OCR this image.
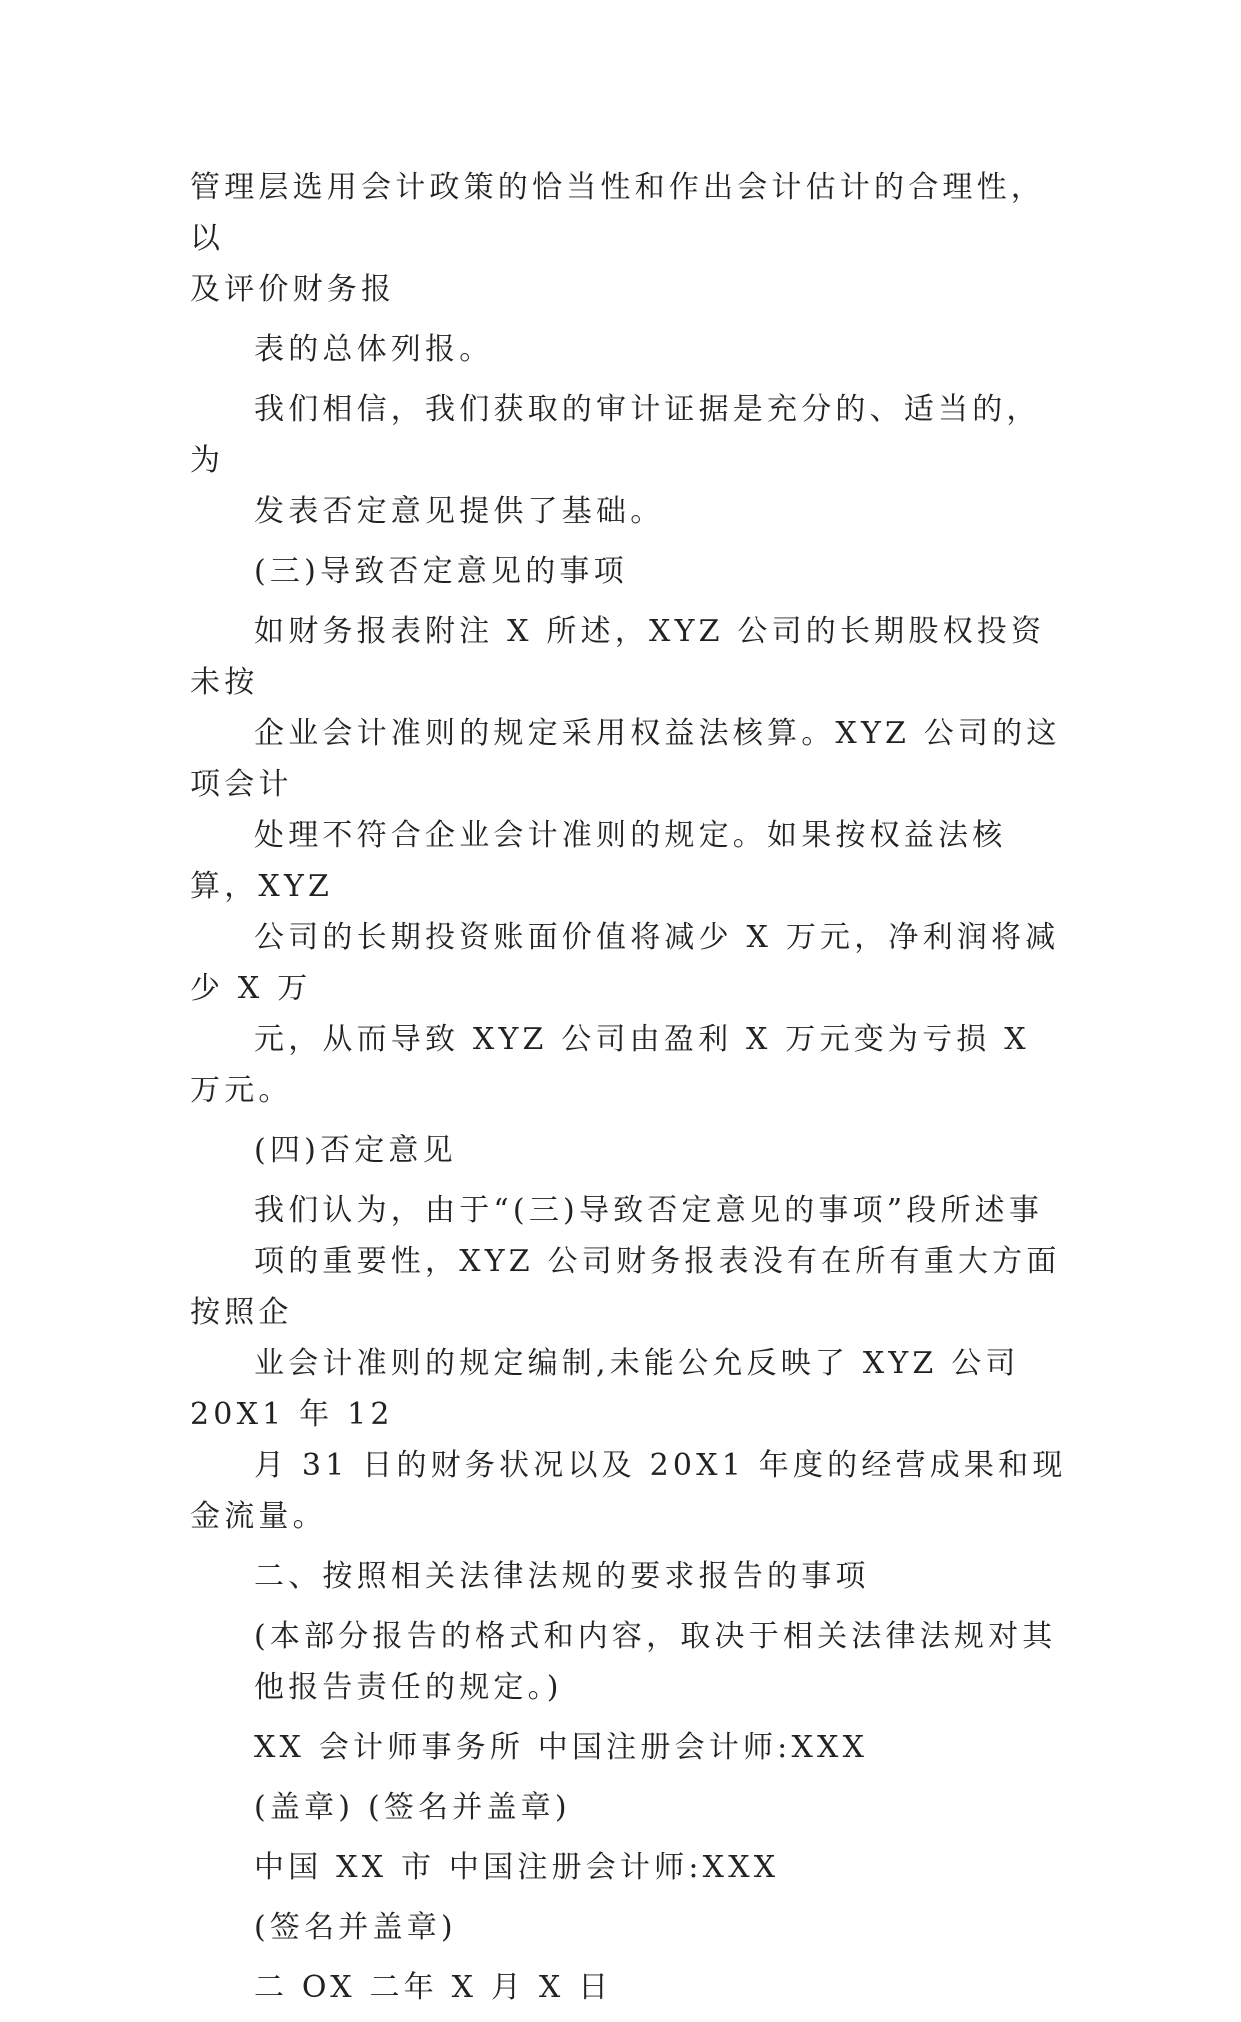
管理层选用会计政策的恰当性和作出会计估计的合理性，以
及评价财务报

表的总体列报。

我们相信，我们获取的审计证据是充分的、适当的，为
发表否定意见提供了基础。

(三)导致否定意见的事项

如财务报表附注 X 所述，XYZ 公司的长期股权投资未按
企业会计准则的规定采用权益法核算。XYZ 公司的这项会计
处理不符合企业会计准则的规定。如果按权益法核算，XYZ
公司的长期投资账面价值将减少 X 万元，净利润将减少 X 万
元，从而导致 XYZ 公司由盈利 X 万元变为亏损 X 万元。

(四)否定意见

我们认为，由于“(三)导致否定意见的事项”段所述事
项的重要性，XYZ 公司财务报表没有在所有重大方面按照企
业会计准则的规定编制,未能公允反映了 XYZ 公司 20X1 年 12
月 31 日的财务状况以及 20X1 年度的经营成果和现金流量。

二、按照相关法律法规的要求报告的事项

(本部分报告的格式和内容，取决于相关法律法规对其
他报告责任的规定。)

XX 会计师事务所 中国注册会计师:XXX

(盖章) (签名并盖章)

中国 XX 市 中国注册会计师:XXX

(签名并盖章)

二 OX 二年 X 月 X 日
